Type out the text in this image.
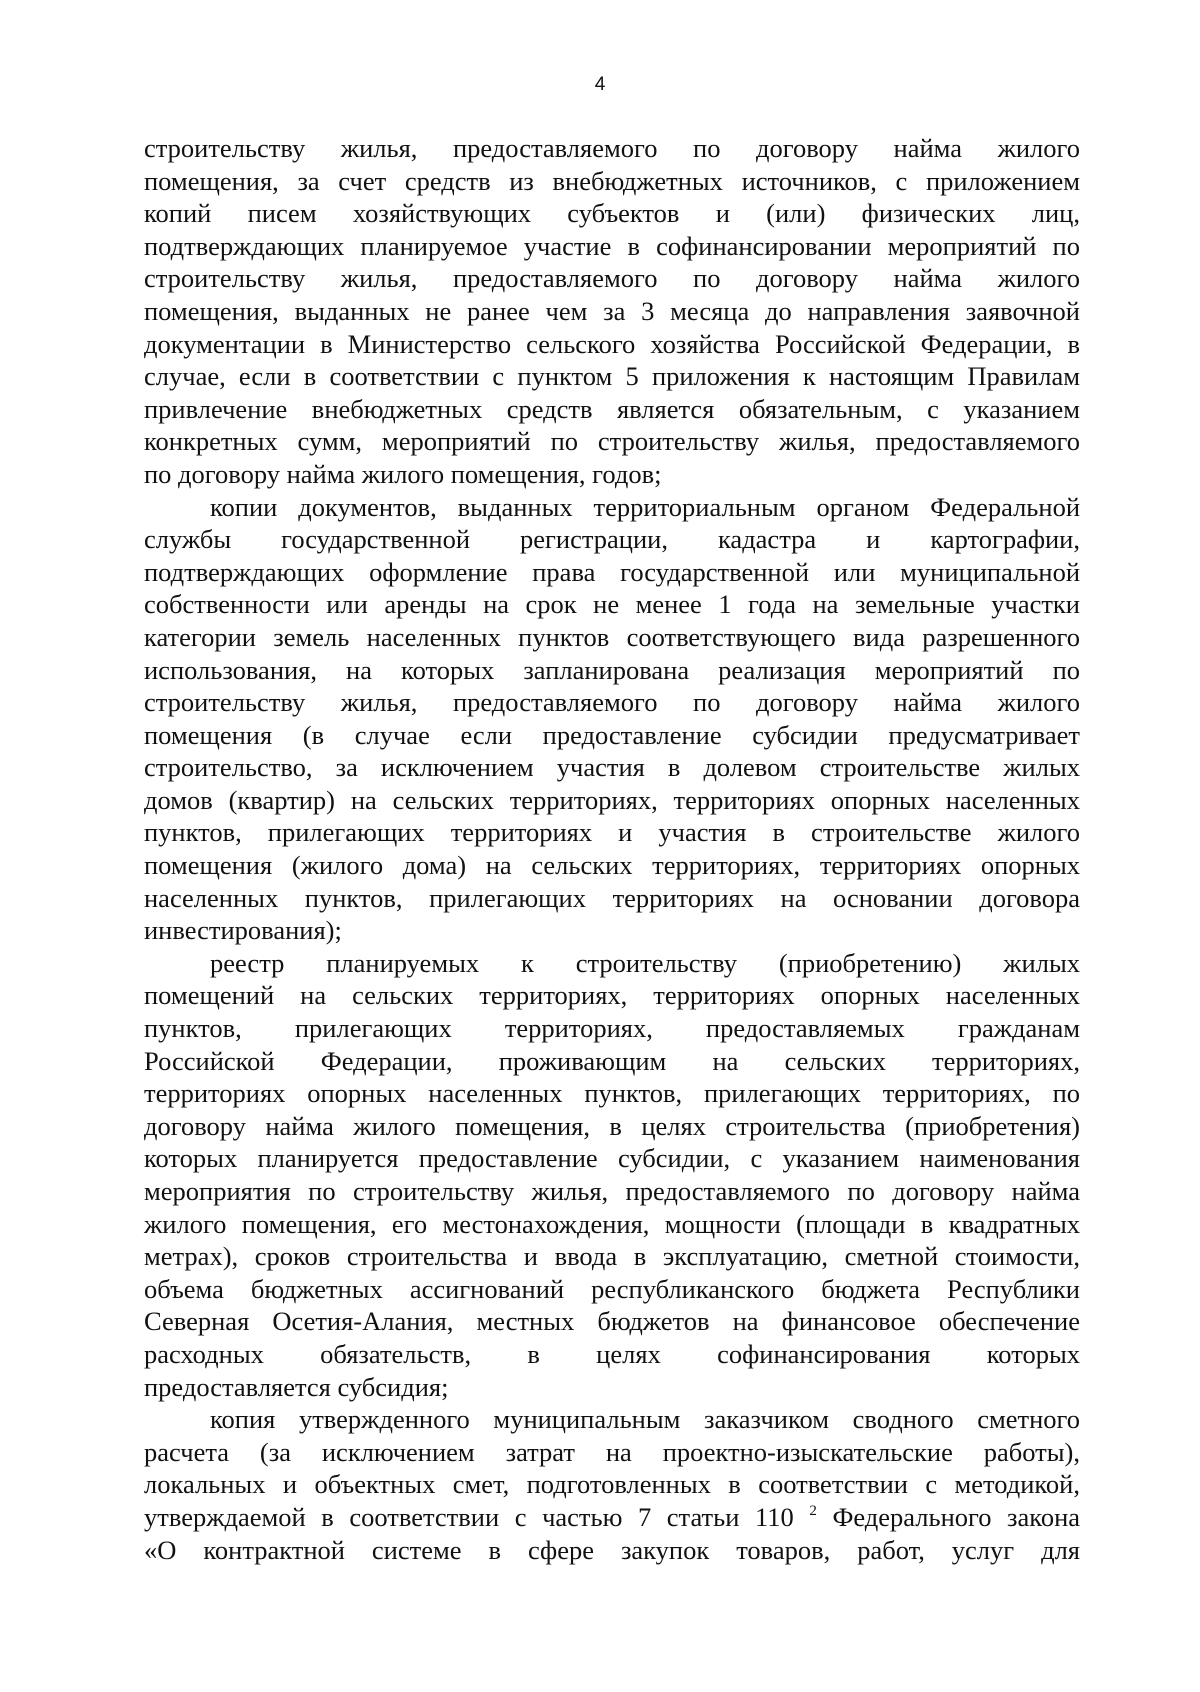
4
строительству жилья, предоставляемого по договору найма жилого
помещения, за счет средств из внебюджетных источников, с приложением
копий писем хозяйствующих субъектов и (или) физических лиц,
подтверждающих планируемое участие в софинансировании мероприятий по
строительству жилья, предоставляемого по договору найма жилого
помещения, выданных не ранее чем за 3 месяца до направления заявочной
документации в Министерство сельского хозяйства Российской Федерации, в
случае, если в соответствии с пунктом 5 приложения к настоящим Правилам
привлечение внебюджетных средств является обязательным, с указанием
конкретных сумм, мероприятий по строительству жилья, предоставляемого
по договору найма жилого помещения, годов;
копии документов, выданных территориальным органом Федеральной
службы государственной регистрации, кадастра и картографии,
подтверждающих оформление права государственной или муниципальной
собственности или аренды на срок не менее 1 года на земельные участки
категории земель населенных пунктов соответствующего вида разрешенного
использования, на которых запланирована реализация мероприятий по
строительству жилья, предоставляемого по договору найма жилого
помещения (в случае если предоставление субсидии предусматривает
строительство, за исключением участия в долевом строительстве жилых
домов (квартир) на сельских территориях, территориях опорных населенных
пунктов, прилегающих территориях и участия в строительстве жилого
помещения (жилого дома) на сельских территориях, территориях опорных
населенных пунктов, прилегающих территориях на основании договора
инвестирования);
реестр планируемых к строительству (приобретению) жилых
помещений на сельских территориях, территориях опорных населенных
пунктов, прилегающих территориях, предоставляемых гражданам
Российской Федерации, проживающим на сельских территориях,
территориях опорных населенных пунктов, прилегающих территориях, по
договору найма жилого помещения, в целях строительства (приобретения)
которых планируется предоставление субсидии, с указанием наименования
мероприятия по строительству жилья, предоставляемого по договору найма
жилого помещения, его местонахождения, мощности (площади в квадратных
метрах), сроков строительства и ввода в эксплуатацию, сметной стоимости,
объема бюджетных ассигнований республиканского бюджета Республики
Северная Осетия-Алания, местных бюджетов на финансовое обеспечение
расходных обязательств, в целях софинансирования которых
предоставляется субсидия;
копия утвержденного муниципальным заказчиком сводного сметного
расчета (за исключением затрат на проектно-изыскательские работы),
локальных и объектных смет, подготовленных в соответствии с методикой,
утверждаемой в соответствии с частью 7 статьи 110 $^2$ Федерального закона
«О контрактной системе в сфере закупок товаров, работ, услуг для
